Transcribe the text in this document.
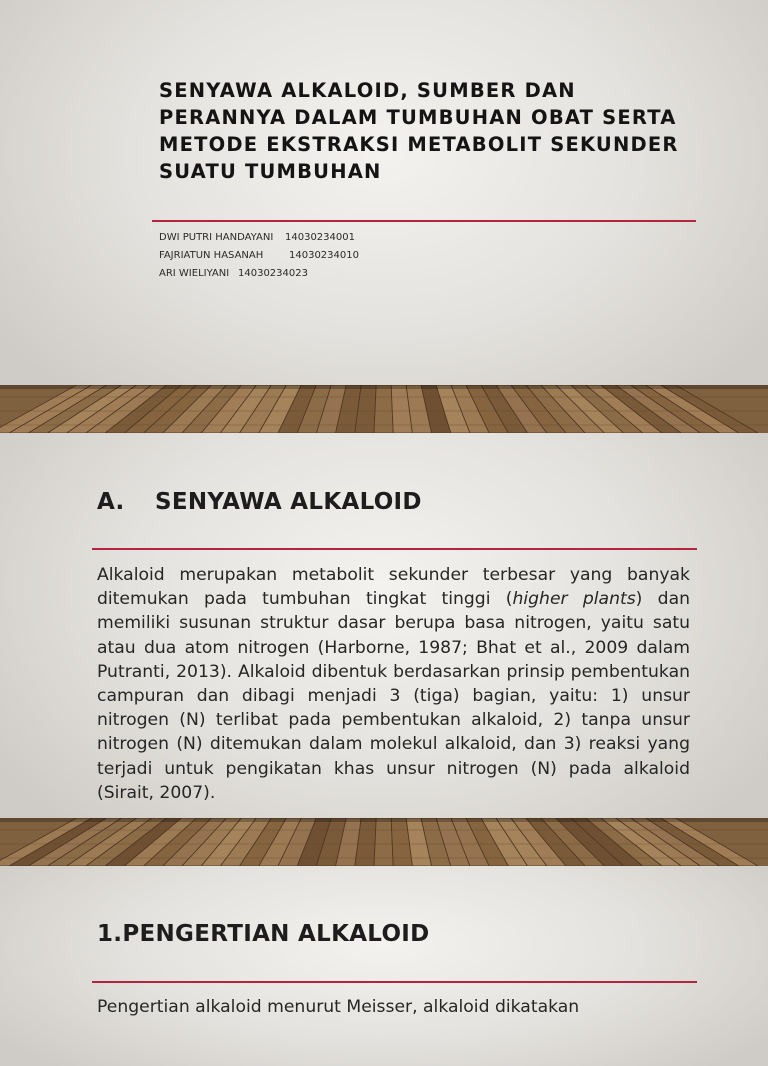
SENYAWA ALKALOID, SUMBER DAN PERANNYA DALAM TUMBUHAN OBAT SERTA METODE EKSTRAKSI METABOLIT SEKUNDER SUATU TUMBUHAN
DWI PUTRI HANDAYANI 14030234001
FAJRIATUN HASANAH	14030234010
ARI WIELIYANI 14030234023
A. SENYAWA ALKALOID

Alkaloid merupakan metabolit sekunder terbesar yang banyak ditemukan pada tumbuhan tingkat tinggi (higher plants) dan memiliki susunan struktur dasar berupa basa nitrogen, yaitu satu atau dua atom nitrogen (Harborne, 1987; Bhat et al., 2009 dalam Putranti, 2013). Alkaloid dibentuk berdasarkan prinsip pembentukan campuran dan dibagi menjadi 3 (tiga) bagian, yaitu: 1) unsur nitrogen (N) terlibat pada pembentukan alkaloid, 2) tanpa unsur nitrogen (N) ditemukan dalam molekul alkaloid, dan 3) reaksi yang terjadi untuk pengikatan khas unsur nitrogen (N) pada alkaloid (Sirait, 2007).

1.PENGERTIAN ALKALOID

Pengertian alkaloid menurut Meisser, alkaloid dikatakan
